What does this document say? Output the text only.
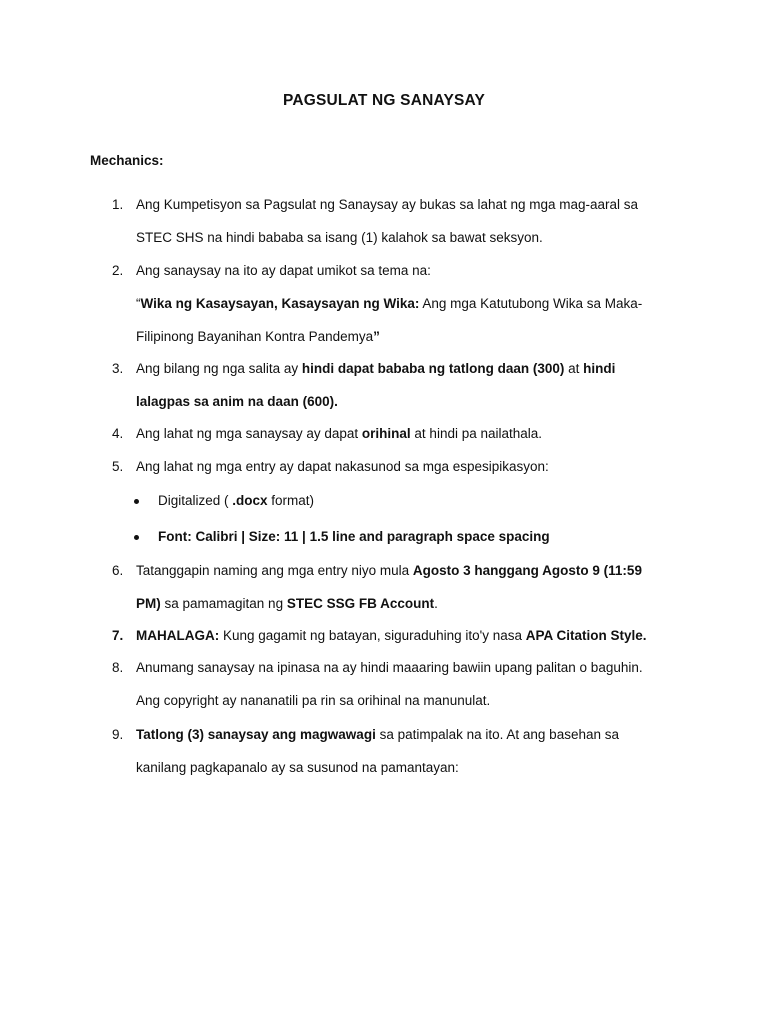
PAGSULAT NG SANAYSAY
Mechanics:
1. Ang Kumpetisyon sa Pagsulat ng Sanaysay ay bukas sa lahat ng mga mag-aaral sa
STEC SHS na hindi bababa sa isang (1) kalahok sa bawat seksyon.
2. Ang sanaysay na ito ay dapat umikot sa tema na:
“Wika ng Kasaysayan, Kasaysayan ng Wika: Ang mga Katutubong Wika sa Maka-
Filipinong Bayanihan Kontra Pandemya”
3. Ang bilang ng nga salita ay hindi dapat bababa ng tatlong daan (300) at hindi
lalagpas sa anim na daan (600).
4. Ang lahat ng mga sanaysay ay dapat orihinal at hindi pa nailathala.
5. Ang lahat ng mga entry ay dapat nakasunod sa mga espesipikasyon:
Digitalized ( .docx format)
Font: Calibri | Size: 11 | 1.5 line and paragraph space spacing
6. Tatanggapin naming ang mga entry niyo mula Agosto 3 hanggang Agosto 9 (11:59
PM) sa pamamagitan ng STEC SSG FB Account.
7. MAHALAGA: Kung gagamit ng batayan, siguraduhing ito'y nasa APA Citation Style.
8. Anumang sanaysay na ipinasa na ay hindi maaaring bawiin upang palitan o baguhin.
Ang copyright ay nananatili pa rin sa orihinal na manunulat.
9. Tatlong (3) sanaysay ang magwawagi sa patimpalak na ito. At ang basehan sa
kanilang pagkapanalo ay sa susunod na pamantayan:
